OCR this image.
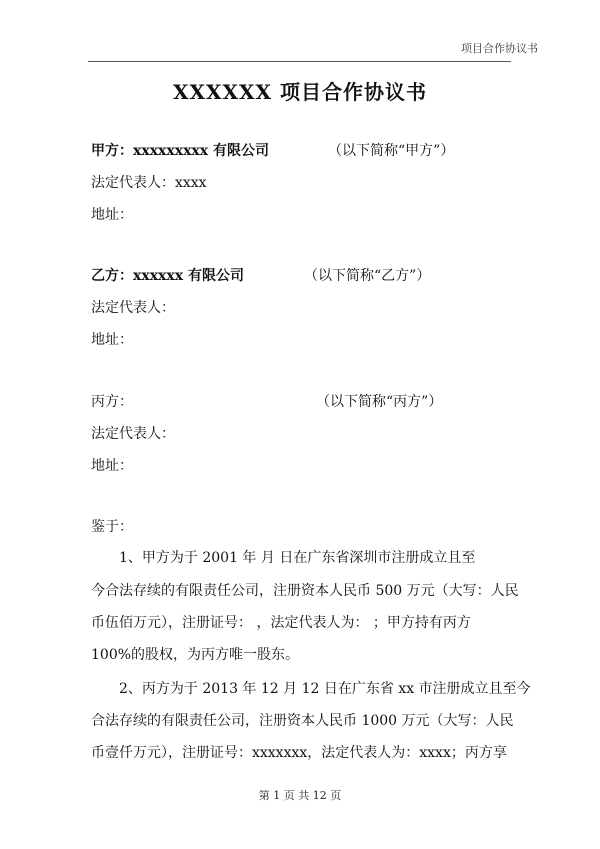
项目合作协议书
XXXXXX 项目合作协议书
甲方：xxxxxxxxx 有限公司	（以下简称“甲方”）
法定代表人：xxxx
地址：
乙方：xxxxxx 有限公司	（以下简称“乙方”）
法定代表人：
地址：
丙方：	（以下简称“丙方”）
法定代表人：
地址：
鉴于：
1、甲方为于 2001 年 月 日在广东省深圳市注册成立且至
今合法存续的有限责任公司，注册资本人民币 500 万元（大写：人民
币伍佰万元），注册证号： ，法定代表人为： ；甲方持有丙方
100%的股权，为丙方唯一股东。
2、丙方为于 2013 年 12 月 12 日在广东省 xx 市注册成立且至今
合法存续的有限责任公司，注册资本人民币 1000 万元（大写：人民
币壹仟万元），注册证号：xxxxxxx，法定代表人为：xxxx；丙方享
第 1 页 共 12 页
